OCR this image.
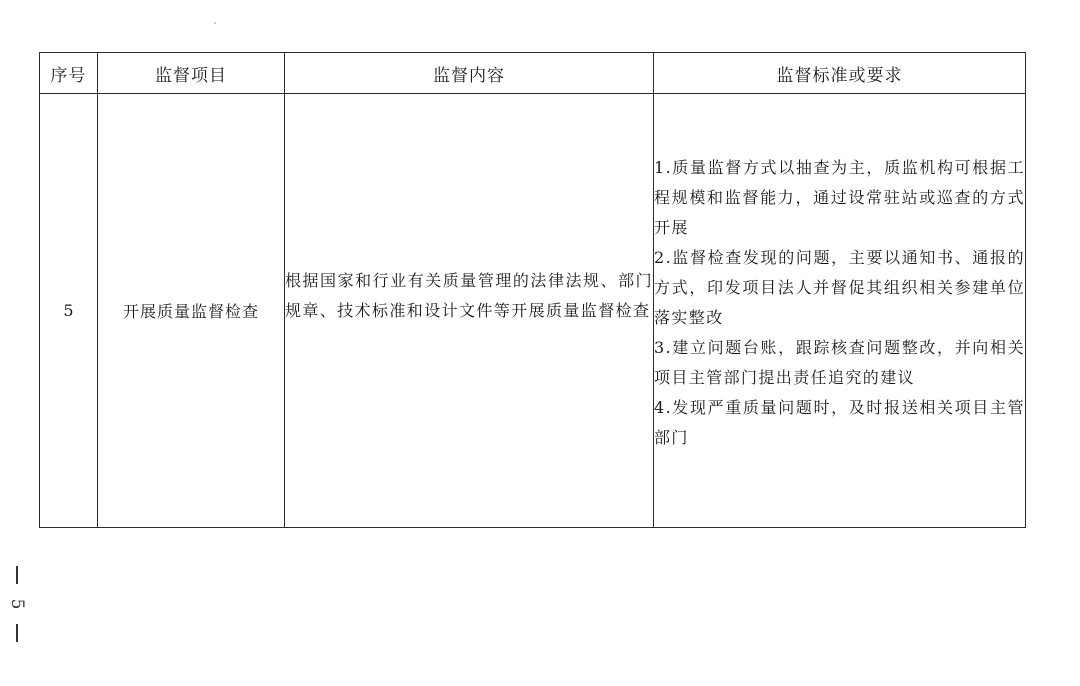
序号	监督项目	监督内容	监督标准或要求
5	开展质量监督检查	根据国家和行业有关质量管理的法律法规、部门规章、技术标准和设计文件等开展质量监督检查	1.质量监督方式以抽查为主，质监机构可根据工程规模和监督能力，通过设常驻站或巡查的方式开展
2.监督检查发现的问题，主要以通知书、通报的方式，印发项目法人并督促其组织相关参建单位落实整改
3.建立问题台账，跟踪核查问题整改，并向相关项目主管部门提出责任追究的建议
4.发现严重质量问题时，及时报送相关项目主管部门
5
